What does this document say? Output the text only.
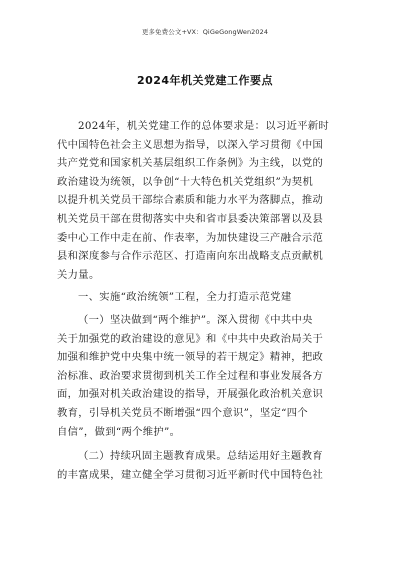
更多免费公文+VX：QiGeGongWen2024
2024年机关党建工作要点
2024年，机关党建工作的总体要求是：以习近平新时
代中国特色社会主义思想为指导，以深入学习贯彻《中国
共产党党和国家机关基层组织工作条例》为主线，以党的
政治建设为统领，以争创“十大特色机关党组织”为契机
以提升机关党员干部综合素质和能力水平为落脚点，推动
机关党员干部在贯彻落实中央和省市县委决策部署以及县
委中心工作中走在前、作表率，为加快建设三产融合示范
县和深度参与合作示范区、打造南向东出战略支点贡献机
关力量。
一、实施“政治统领”工程，全力打造示范党建
（一）坚决做到“两个维护”。深入贯彻《中共中央
关于加强党的政治建设的意见》和《中共中央政治局关于
加强和维护党中央集中统一领导的若干规定》精神，把政
治标准、政治要求贯彻到机关工作全过程和事业发展各方
面，加强对机关政治建设的指导，开展强化政治机关意识
教育，引导机关党员不断增强“四个意识”，坚定“四个
自信”，做到“两个维护”。
（二）持续巩固主题教育成果。总结运用好主题教育
的丰富成果，建立健全学习贯彻习近平新时代中国特色社
